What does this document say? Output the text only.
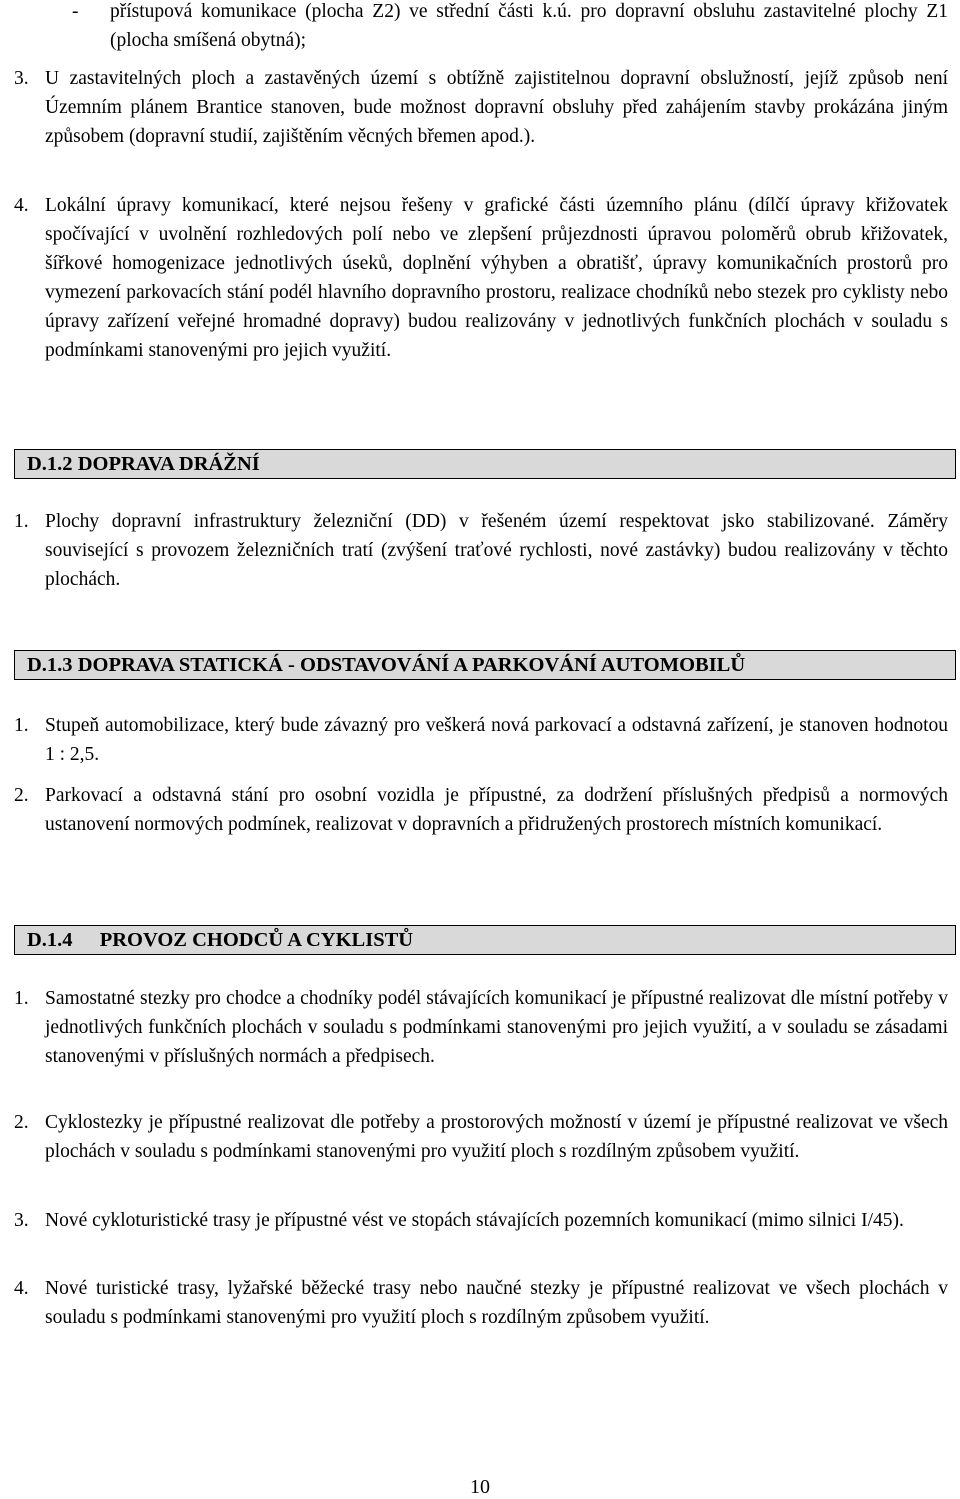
-	přístupová komunikace (plocha Z2) ve střední části k.ú. pro dopravní obsluhu zastavitelné plochy Z1 (plocha smíšená obytná);
3. U zastavitelných ploch a zastavěných území s obtížně zajistitelnou dopravní obslužností, jejíž způsob není Územním plánem Brantice stanoven, bude možnost dopravní obsluhy před zahájením stavby prokázána jiným způsobem (dopravní studií, zajištěním věcných břemen apod.).
4. Lokální úpravy komunikací, které nejsou řešeny v grafické části územního plánu (dílčí úpravy křižovatek spočívající v uvolnění rozhledových polí nebo ve zlepšení průjezdnosti úpravou poloměrů obrub křižovatek, šířkové homogenizace jednotlivých úseků, doplnění výhyben a obratišť, úpravy komunikačních prostorů pro vymezení parkovacích stání podél hlavního dopravního prostoru, realizace chodníků nebo stezek pro cyklisty nebo úpravy zařízení veřejné hromadné dopravy) budou realizovány v jednotlivých funkčních plochách v souladu s podmínkami stanovenými pro jejich využití.
D.1.2 DOPRAVA DRÁŽNÍ
1. Plochy dopravní infrastruktury železniční (DD) v řešeném území respektovat jsko stabilizované. Záměry související s provozem železničních tratí (zvýšení traťové rychlosti, nové zastávky) budou realizovány v těchto plochách.
D.1.3 DOPRAVA STATICKÁ - ODSTAVOVÁNÍ A PARKOVÁNÍ AUTOMOBILŮ
1. Stupeň automobilizace, který bude závazný pro veškerá nová parkovací a odstavná zařízení, je stanoven hodnotou 1 : 2,5.
2. Parkovací a odstavná stání pro osobní vozidla je přípustné, za dodržení příslušných předpisů a normových ustanovení normových podmínek, realizovat v dopravních a přidružených prostorech místních komunikací.
D.1.4 PROVOZ CHODCŮ A CYKLISTŮ
1. Samostatné stezky pro chodce a chodníky podél stávajících komunikací je přípustné realizovat dle místní potřeby v jednotlivých funkčních plochách v souladu s podmínkami stanovenými pro jejich využití, a v souladu se zásadami stanovenými v příslušných normách a předpisech.
2. Cyklostezky je přípustné realizovat dle potřeby a prostorových možností v území je přípustné realizovat ve všech plochách v souladu s podmínkami stanovenými pro využití ploch s rozdílným způsobem využití.
3. Nové cykloturistické trasy je přípustné vést ve stopách stávajících pozemních komunikací (mimo silnici I/45).
4. Nové turistické trasy, lyžařské běžecké trasy nebo naučné stezky je přípustné realizovat ve všech plochách v souladu s podmínkami stanovenými pro využití ploch s rozdílným způsobem využití.
10
